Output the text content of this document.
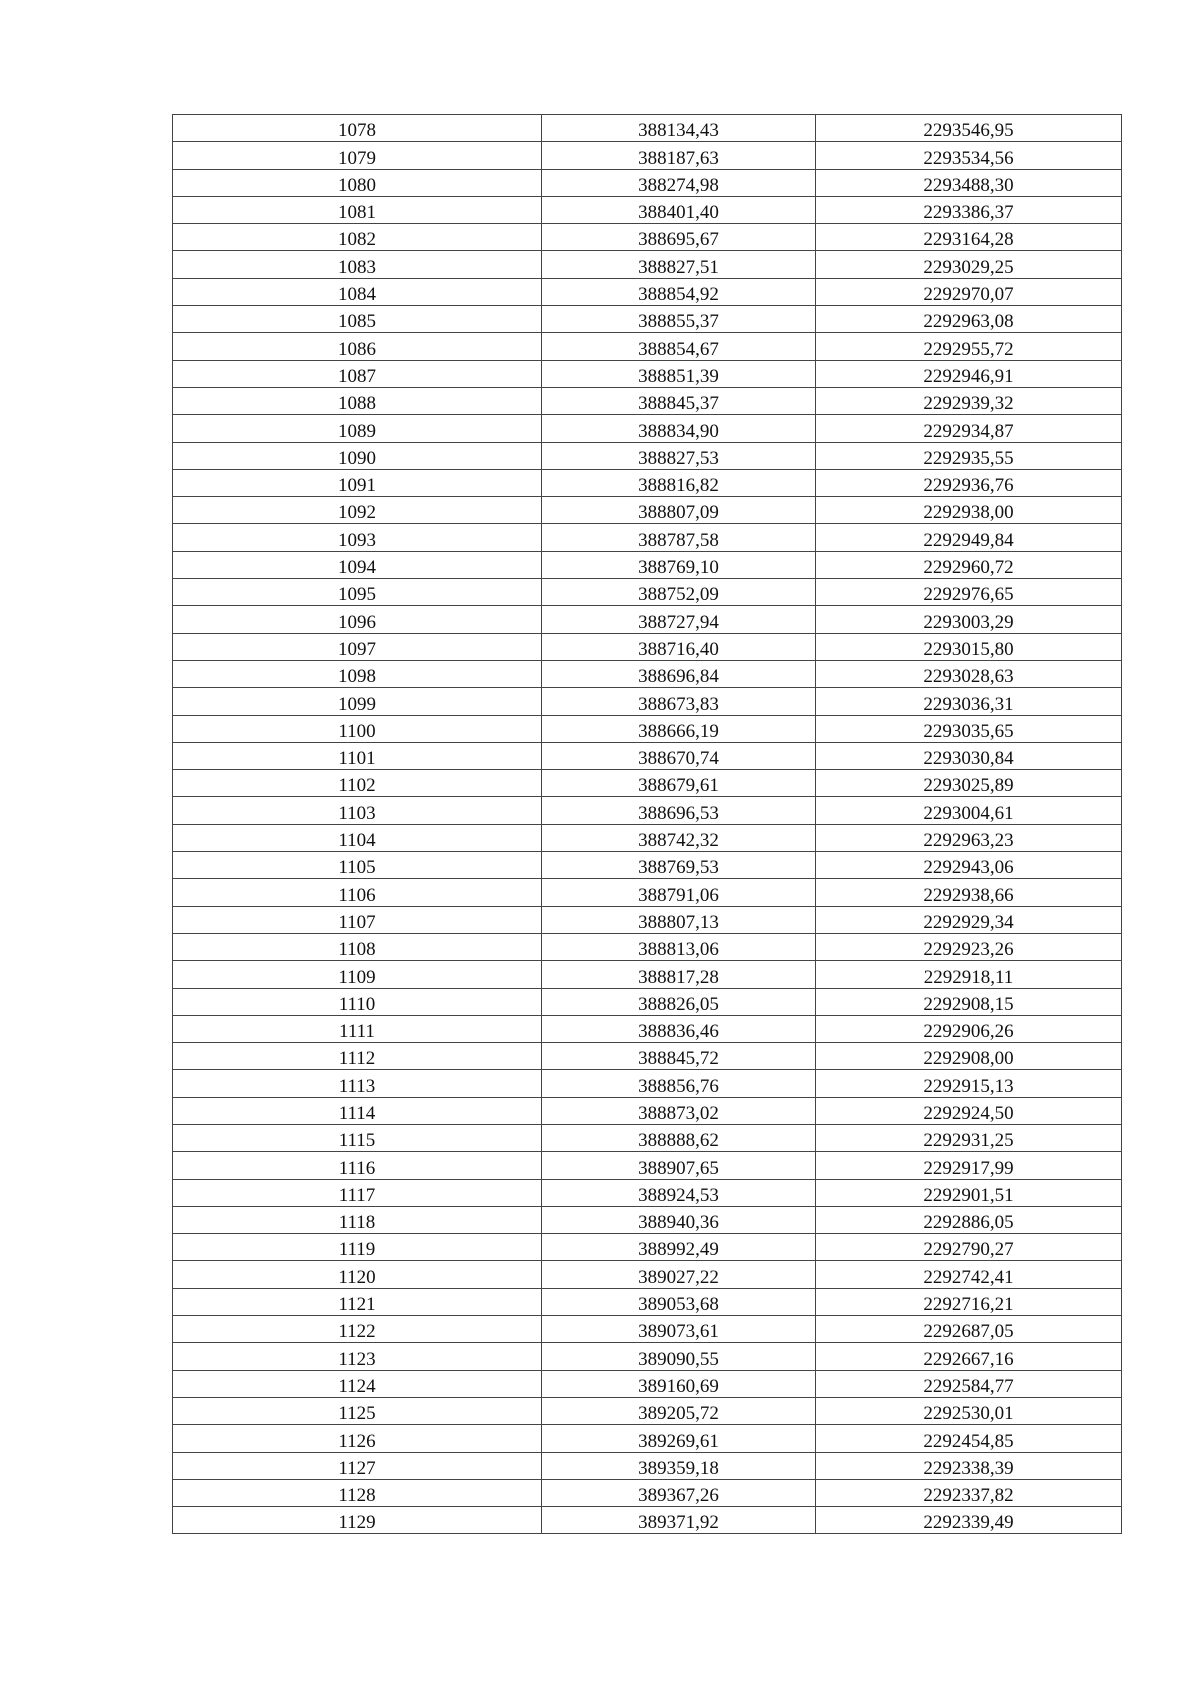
1078	388134,43	2293546,95
1079	388187,63	2293534,56
1080	388274,98	2293488,30
1081	388401,40	2293386,37
1082	388695,67	2293164,28
1083	388827,51	2293029,25
1084	388854,92	2292970,07
1085	388855,37	2292963,08
1086	388854,67	2292955,72
1087	388851,39	2292946,91
1088	388845,37	2292939,32
1089	388834,90	2292934,87
1090	388827,53	2292935,55
1091	388816,82	2292936,76
1092	388807,09	2292938,00
1093	388787,58	2292949,84
1094	388769,10	2292960,72
1095	388752,09	2292976,65
1096	388727,94	2293003,29
1097	388716,40	2293015,80
1098	388696,84	2293028,63
1099	388673,83	2293036,31
1100	388666,19	2293035,65
1101	388670,74	2293030,84
1102	388679,61	2293025,89
1103	388696,53	2293004,61
1104	388742,32	2292963,23
1105	388769,53	2292943,06
1106	388791,06	2292938,66
1107	388807,13	2292929,34
1108	388813,06	2292923,26
1109	388817,28	2292918,11
1110	388826,05	2292908,15
1111	388836,46	2292906,26
1112	388845,72	2292908,00
1113	388856,76	2292915,13
1114	388873,02	2292924,50
1115	388888,62	2292931,25
1116	388907,65	2292917,99
1117	388924,53	2292901,51
1118	388940,36	2292886,05
1119	388992,49	2292790,27
1120	389027,22	2292742,41
1121	389053,68	2292716,21
1122	389073,61	2292687,05
1123	389090,55	2292667,16
1124	389160,69	2292584,77
1125	389205,72	2292530,01
1126	389269,61	2292454,85
1127	389359,18	2292338,39
1128	389367,26	2292337,82
1129	389371,92	2292339,49
